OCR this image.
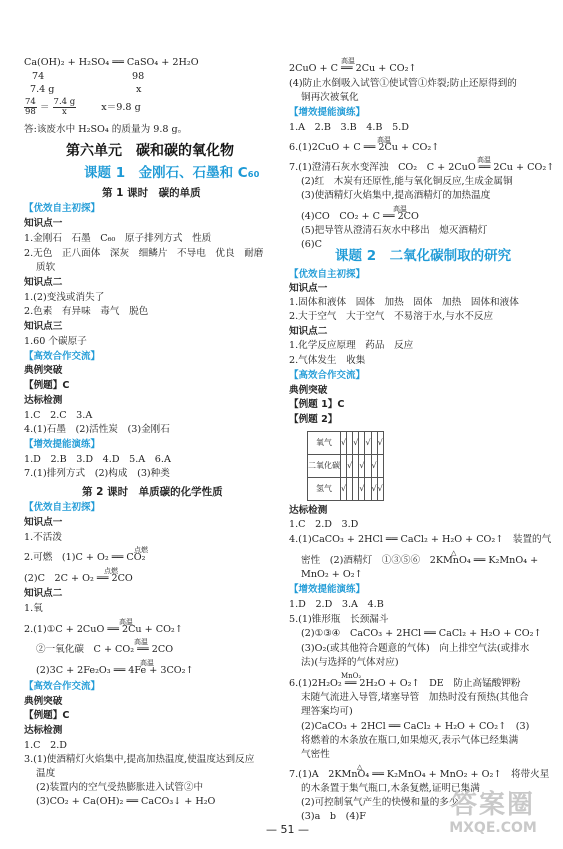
Ca(OH)₂ + H₂SO₄ ══ CaSO₄ + 2H₂O
74	98
7.4 g	x
$\frac{74}{98} = \frac{7.4 g}{x}$	x＝9.8 g
答:该废水中 H₂SO₄ 的质量为 9.8 g。
第六单元　碳和碳的氧化物
课题 1　金刚石、石墨和 C₆₀
第 1 课时　碳的单质
【优效自主初探】
知识点一
1.金刚石　石墨　C₆₀　原子排列方式　性质
2.无色　正八面体　深灰　细鳞片　不导电　优良　耐磨
质软
知识点二
1.(2)变浅或消失了
2.色素　有异味　毒气　脱色
知识点三
1.60 个碳原子
【高效合作交流】
典例突破
【例题】C
达标检测
1.C　2.C　3.A
4.(1)石墨　(2)活性炭　(3)金刚石
【增效提能演练】
1.D　2.B　3.D　4.D　5.A　6.A
7.(1)排列方式　(2)构成　(3)种类
第 2 课时　单质碳的化学性质
【优效自主初探】
知识点一
1.不活泼
点燃
2.可燃　(1)C + O₂ ══ CO₂
点燃
(2)C　2C + O₂ ══ 2CO
知识点二
1.氧
高温
2.(1)①C + 2CuO ══ 2Cu + CO₂↑
高温
②一氧化碳　C + CO₂ ══ 2CO
高温
(2)3C + 2Fe₂O₃ ══ 4Fe + 3CO₂↑
【高效合作交流】
典例突破
【例题】C
达标检测
1.C　2.D
3.(1)使酒精灯火焰集中,提高加热温度,使温度达到反应
温度
(2)装置内的空气受热膨胀进入试管②中
(3)CO₂ + Ca(OH)₂ ══ CaCO₃↓ + H₂O
高温
2CuO + C ══ 2Cu + CO₂↑
(4)防止水倒吸入试管①使试管①炸裂;防止还原得到的
铜再次被氧化
【增效提能演练】
1.A　2.B　3.B　4.B　5.D
高温
6.(1)2CuO + C ══ 2Cu + CO₂↑
高温
7.(1)澄清石灰水变浑浊　CO₂　C + 2CuO ══ 2Cu + CO₂↑
(2)红　木炭有还原性,能与氧化铜反应,生成金属铜
(3)使酒精灯火焰集中,提高酒精灯的加热温度
高温
(4)CO　CO₂ + C ══ 2CO
(5)把导管从澄清石灰水中移出　熄灭酒精灯
(6)C
课题 2　二氧化碳制取的研究
【优效自主初探】
知识点一
1.固体和液体　固体　加热　固体　加热　固体和液体
2.大于空气　大于空气　不易溶于水,与水不反应
知识点二
1.化学反应原理　药品　反应
2.气体发生　收集
【高效合作交流】
典例突破
【例题 1】C
【例题 2】
氧气	√		√		√		√
二氧化碳		√		√		√	
氢气	√			√		√	√
达标检测
1.C　2.D　3.D
4.(1)CaCO₃ + 2HCl ══ CaCl₂ + H₂O + CO₂↑　装置的气
△
密性　(2)酒精灯　①③⑤⑥　2KMnO₄ ══ K₂MnO₄ +
MnO₂ + O₂↑
【增效提能演练】
1.D　2.D　3.A　4.B
5.(1)锥形瓶　长颈漏斗
(2)①③④　CaCO₃ + 2HCl ══ CaCl₂ + H₂O + CO₂↑
(3)O₂(或其他符合题意的气体)　向上排空气法(或排水
法)(与选择的气体对应)
MnO₂
6.(1)2H₂O₂ ══ 2H₂O + O₂↑　DE　防止高锰酸钾粉
末随气流进入导管,堵塞导管　加热时没有预热(其他合
理答案均可)
(2)CaCO₃ + 2HCl ══ CaCl₂ + H₂O + CO₂↑　(3)
将燃着的木条放在瓶口,如果熄灭,表示气体已经集满
气密性
△
7.(1)A　2KMnO₄ ══ K₂MnO₄ + MnO₂ + O₂↑　将带火星
的木条置于集气瓶口,木条复燃,证明已集满
(2)可控制氧气产生的快慢和量的多少
(3)a　b　(4)F
— 51 —
答案圈
MXQE.COM
